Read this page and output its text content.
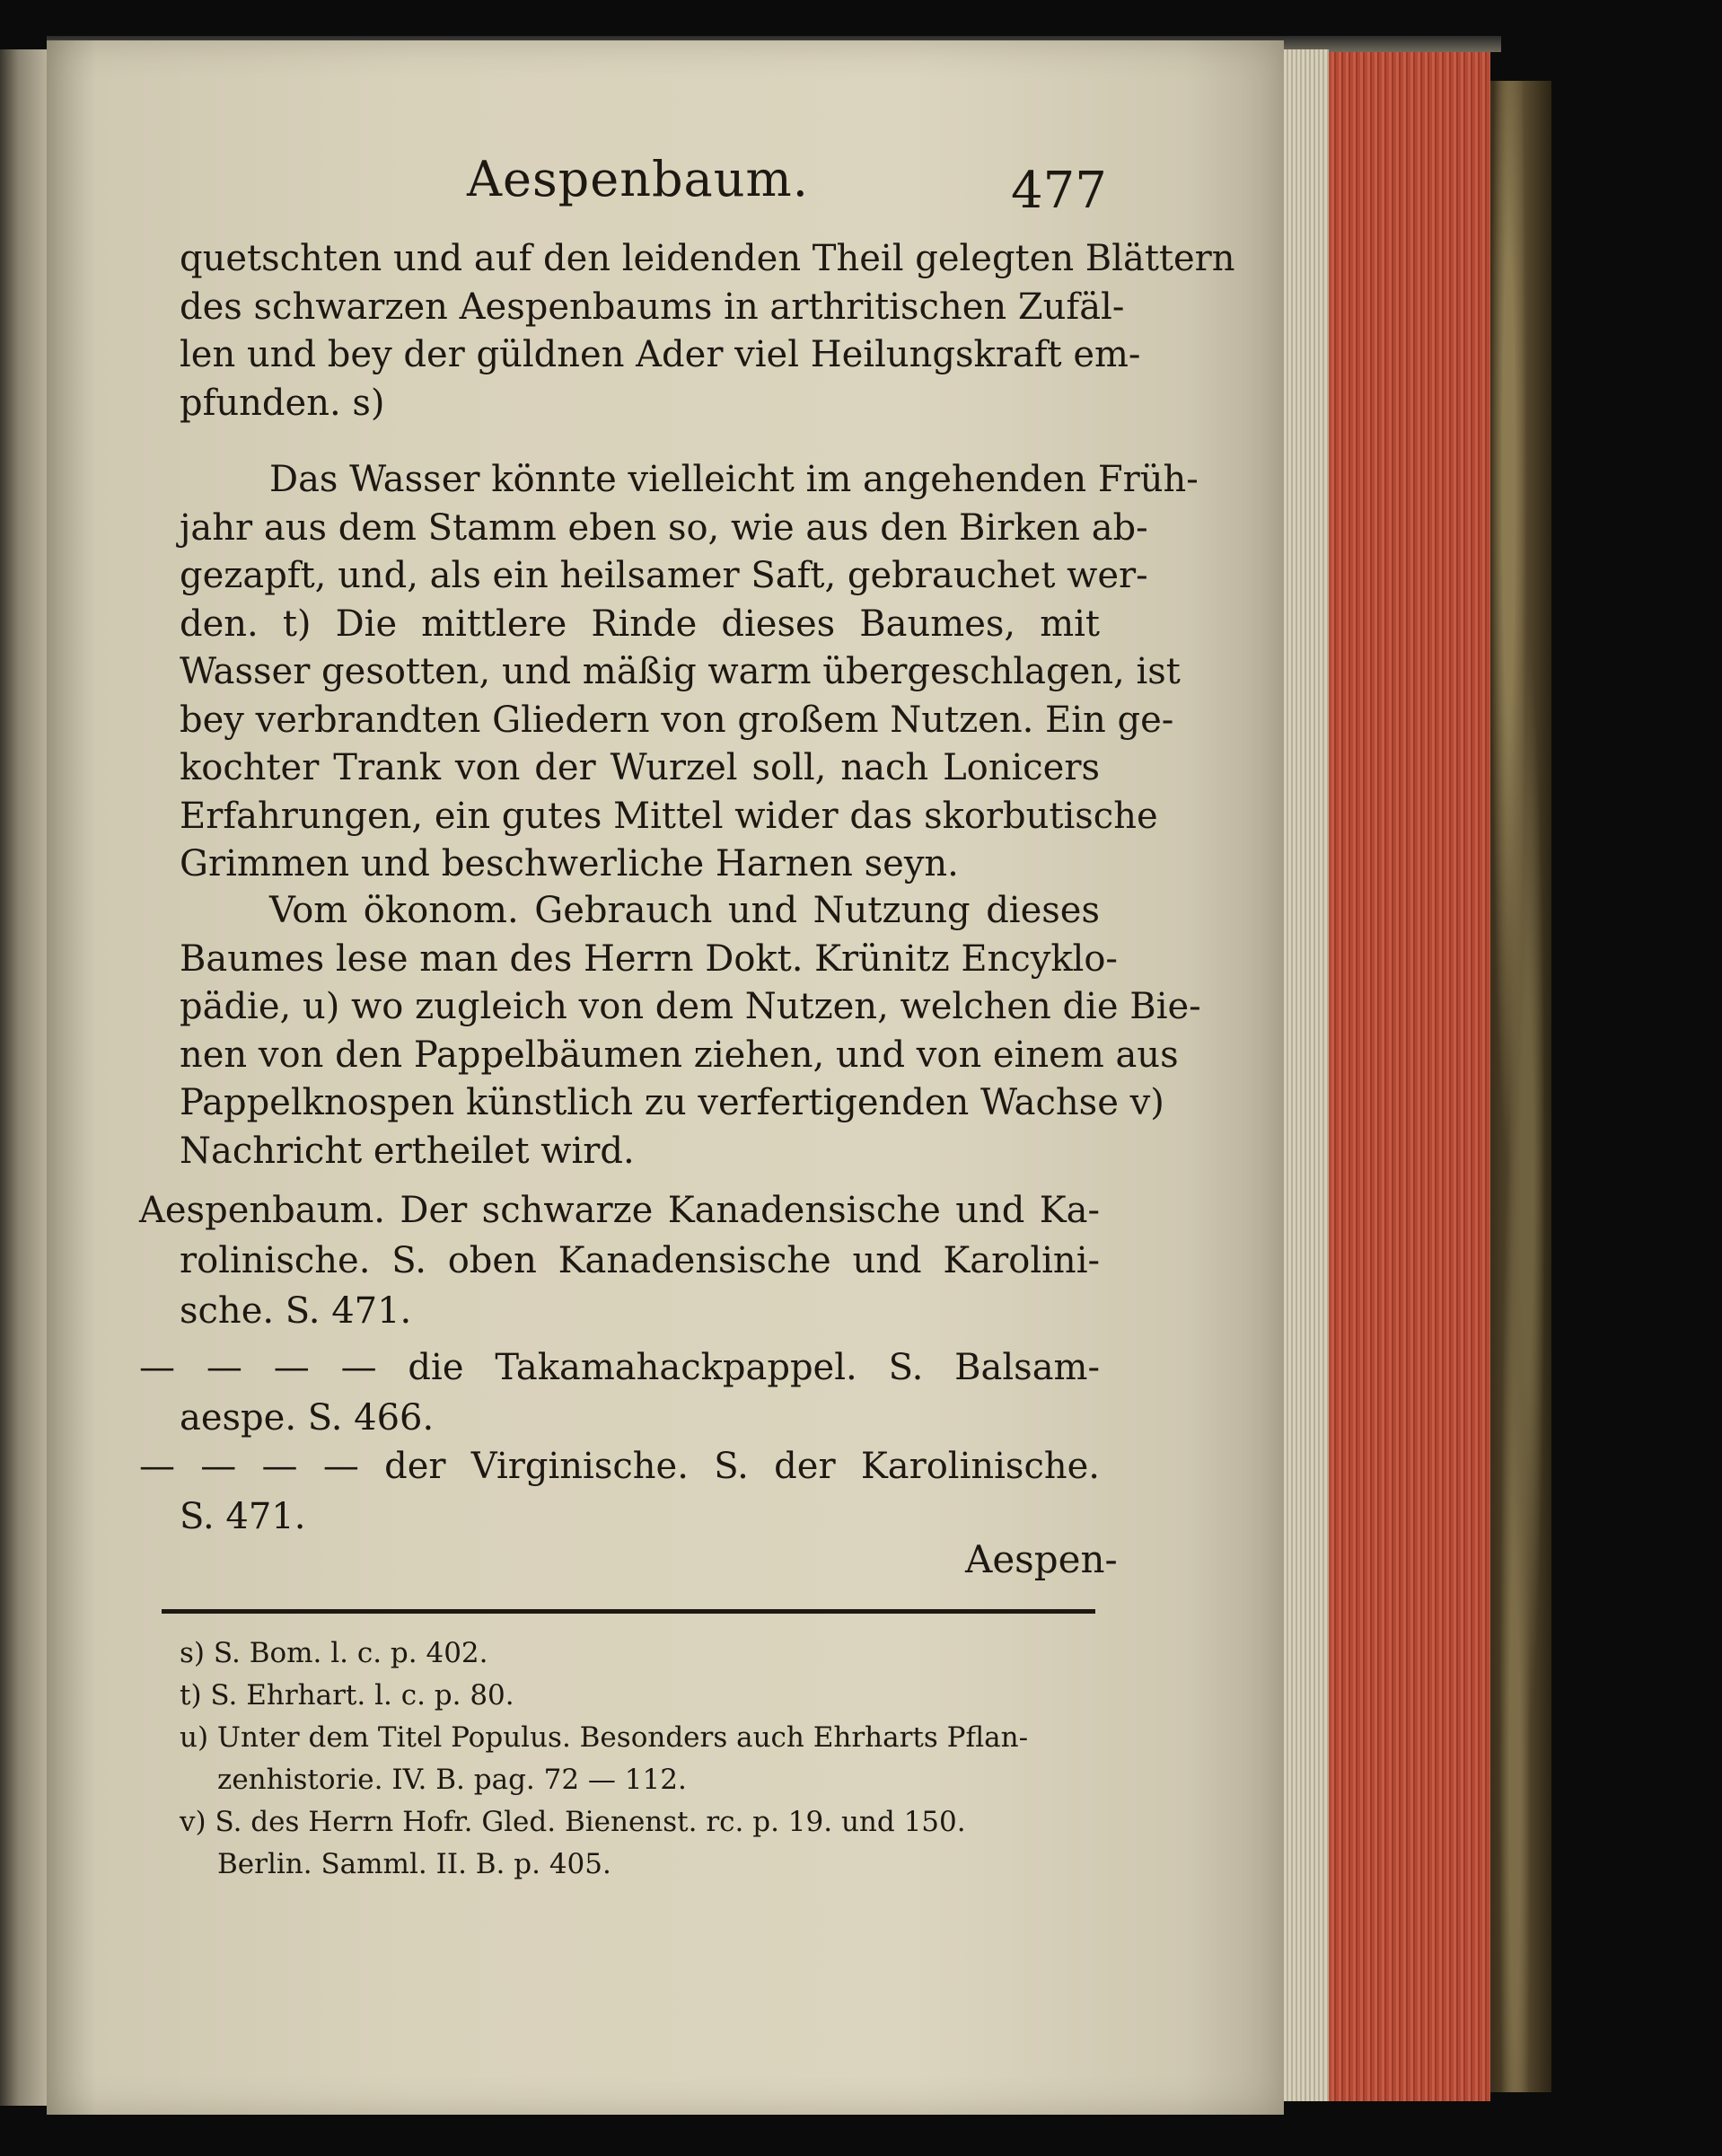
Aespenbaum.	477

quetschten und auf den leidenden Theil gelegten Blättern
des schwarzen Aespenbaums in arthritischen Zufäl-
len und bey der güldnen Ader viel Heilungskraft em-
pfunden. s)
Das Wasser könnte vielleicht im angehenden Früh-
jahr aus dem Stamm eben so, wie aus den Birken ab-
gezapft, und, als ein heilsamer Saft, gebrauchet wer-
den. t) Die mittlere Rinde dieses Baumes, mit
Wasser gesotten, und mäßig warm übergeschlagen, ist
bey verbrandten Gliedern von großem Nutzen. Ein ge-
kochter Trank von der Wurzel soll, nach Lonicers
Erfahrungen, ein gutes Mittel wider das skorbutische
Grimmen und beschwerliche Harnen seyn.
Vom ökonom. Gebrauch und Nutzung dieses
Baumes lese man des Herrn Dokt. Krünitz Encyklo-
pädie, u) wo zugleich von dem Nutzen, welchen die Bie-
nen von den Pappelbäumen ziehen, und von einem aus
Pappelknospen künstlich zu verfertigenden Wachse v)
Nachricht ertheilet wird.
Aespenbaum. Der schwarze Kanadensische und Ka-
rolinische. S. oben Kanadensische und Karolini-
sche. S. 471.
— — — — die Takamahackpappel. S. Balsam-
aespe. S. 466.
— — — — der Virginische. S. der Karolinische.
S. 471.

Aespen-

s) S. Bom. l. c. p. 402.
t) S. Ehrhart. l. c. p. 80.
u) Unter dem Titel Populus. Besonders auch Ehrharts Pflan-
zenhistorie. IV. B. pag. 72 — 112.
v) S. des Herrn Hofr. Gled. Bienenst. rc. p. 19. und 150.
Berlin. Samml. II. B. p. 405.
